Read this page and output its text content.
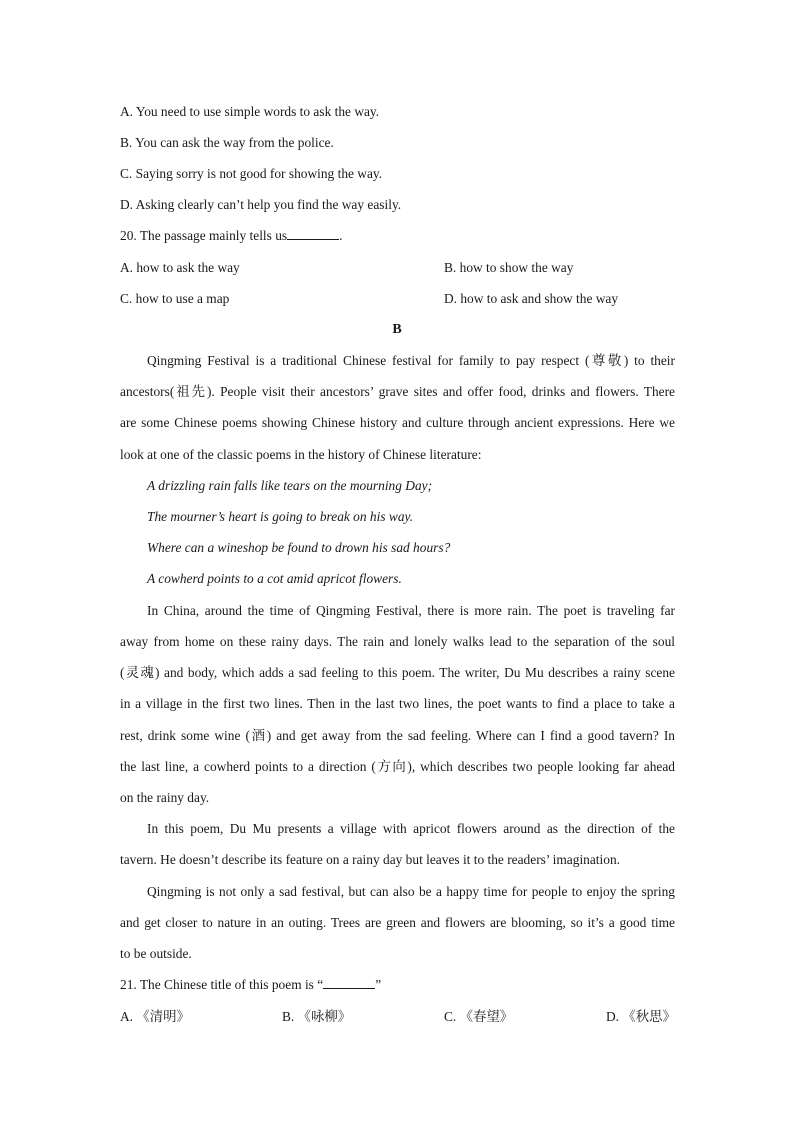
A. You need to use simple words to ask the way.
B. You can ask the way from the police.
C. Saying sorry is not good for showing the way.
D. Asking clearly can’t help you find the way easily.
20. The passage mainly tells us	.
A. how to ask the way	B. how to show the way
C. how to use a map	D. how to ask and show the way
B
Qingming Festival is a traditional Chinese festival for family to pay respect (尊敬) to their
ancestors(祖先). People visit their ancestors’ grave sites and offer food, drinks and flowers. There
are some Chinese poems showing Chinese history and culture through ancient expressions. Here we
look at one of the classic poems in the history of Chinese literature:
A drizzling rain falls like tears on the mourning Day;
The mourner’s heart is going to break on his way.
Where can a wineshop be found to drown his sad hours?
A cowherd points to a cot amid apricot flowers.
In China, around the time of Qingming Festival, there is more rain. The poet is traveling far
away from home on these rainy days. The rain and lonely walks lead to the separation of the soul
(灵魂) and body, which adds a sad feeling to this poem. The writer, Du Mu describes a rainy scene
in a village in the first two lines. Then in the last two lines, the poet wants to find a place to take a
rest, drink some wine (酒) and get away from the sad feeling. Where can I find a good tavern? In
the last line, a cowherd points to a direction (方向), which describes two people looking far ahead
on the rainy day.
In this poem, Du Mu presents a village with apricot flowers around as the direction of the
tavern. He doesn’t describe its feature on a rainy day but leaves it to the readers’ imagination.
Qingming is not only a sad festival, but can also be a happy time for people to enjoy the spring
and get closer to nature in an outing. Trees are green and flowers are blooming, so it’s a good time
to be outside.
21. The Chinese title of this poem is “	”
A. 《清明》	B. 《咏柳》	C. 《春望》	D. 《秋思》
